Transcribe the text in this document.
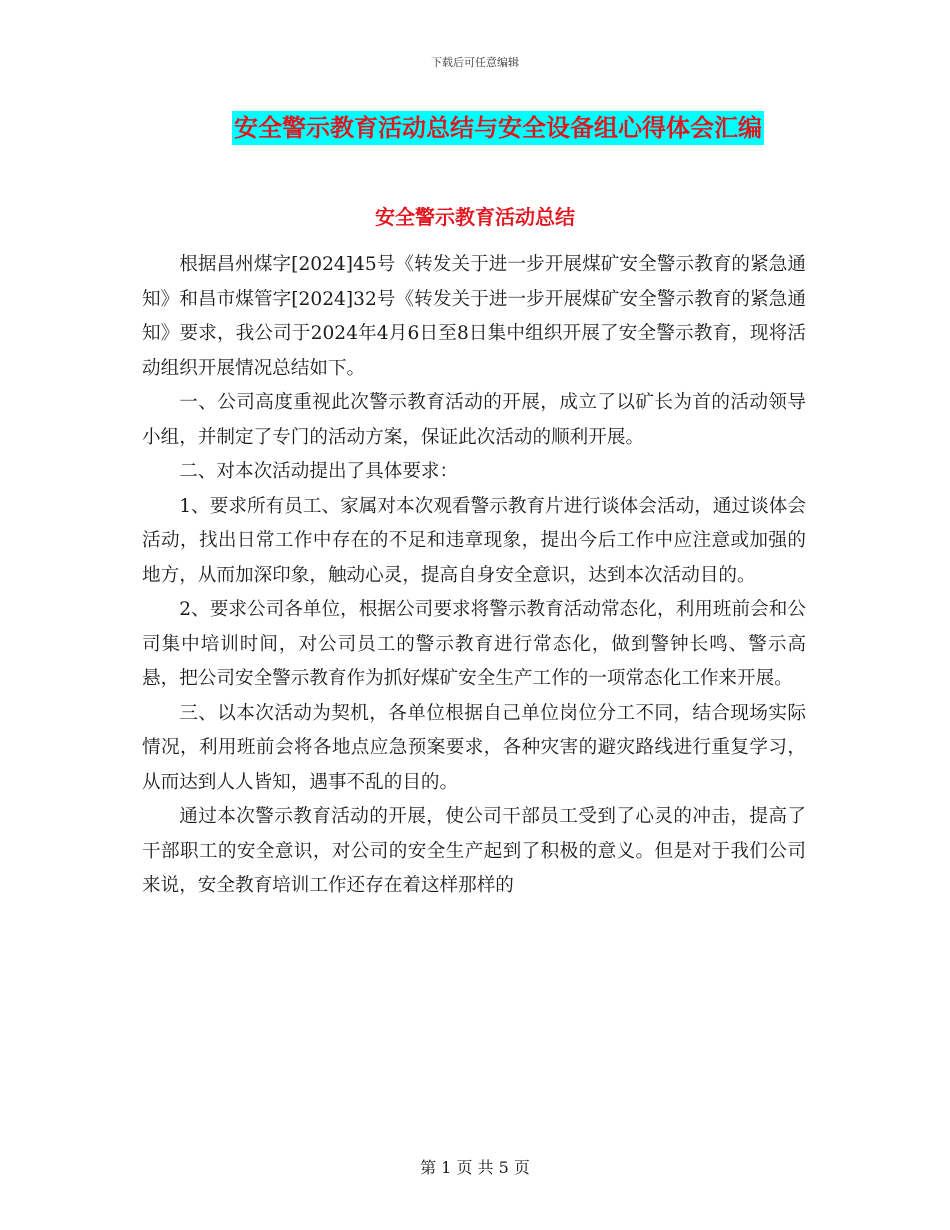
下载后可任意编辑
安全警示教育活动总结与安全设备组心得体会汇编
安全警示教育活动总结

根据昌州煤字[2024]45号《转发关于进一步开展煤矿安全警示教育的紧急通知》和昌市煤管字[2024]32号《转发关于进一步开展煤矿安全警示教育的紧急通知》要求，我公司于2024年4月6日至8日集中组织开展了安全警示教育，现将活动组织开展情况总结如下。

一、公司高度重视此次警示教育活动的开展，成立了以矿长为首的活动领导小组，并制定了专门的活动方案，保证此次活动的顺利开展。

二、对本次活动提出了具体要求：

1、要求所有员工、家属对本次观看警示教育片进行谈体会活动，通过谈体会活动，找出日常工作中存在的不足和违章现象，提出今后工作中应注意或加强的地方，从而加深印象，触动心灵，提高自身安全意识，达到本次活动目的。

2、要求公司各单位，根据公司要求将警示教育活动常态化，利用班前会和公司集中培训时间，对公司员工的警示教育进行常态化，做到警钟长鸣、警示高悬，把公司安全警示教育作为抓好煤矿安全生产工作的一项常态化工作来开展。

三、以本次活动为契机，各单位根据自己单位岗位分工不同，结合现场实际情况，利用班前会将各地点应急预案要求，各种灾害的避灾路线进行重复学习，从而达到人人皆知，遇事不乱的目的。

通过本次警示教育活动的开展，使公司干部员工受到了心灵的冲击，提高了干部职工的安全意识，对公司的安全生产起到了积极的意义。但是对于我们公司来说，安全教育培训工作还存在着这样那样的

第 1 页 共 5 页
